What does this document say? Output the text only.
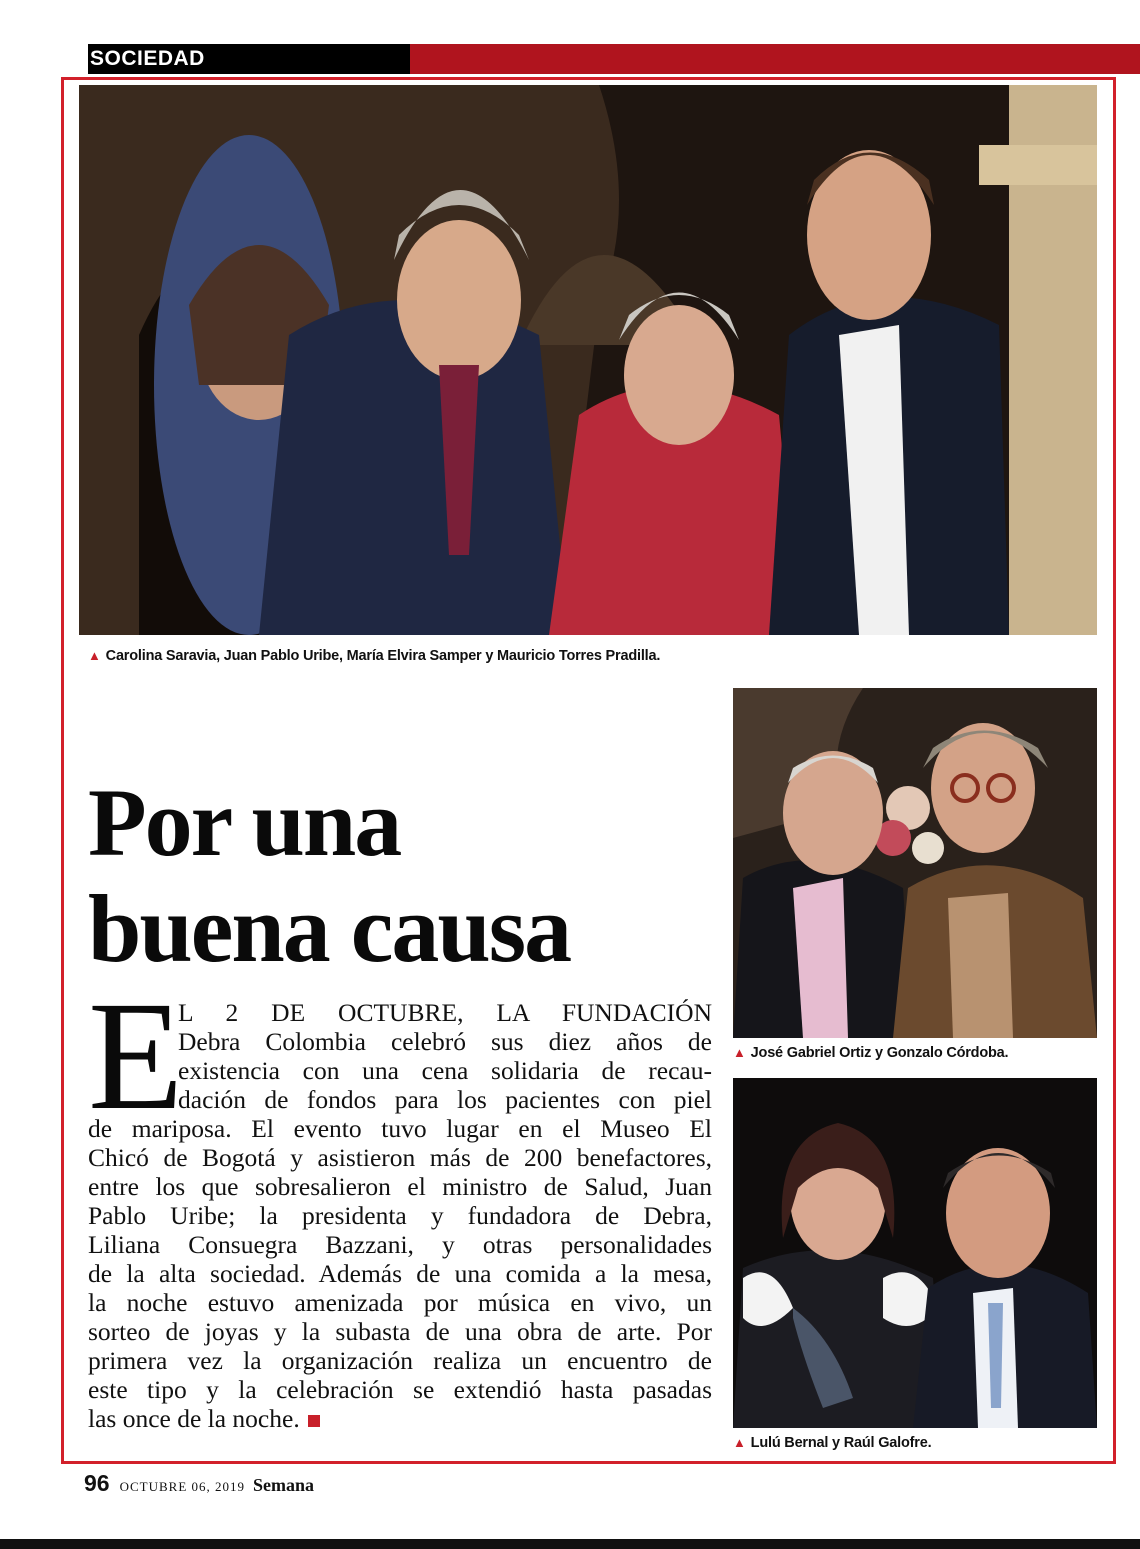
SOCIEDAD
▲ Carolina Saravia, Juan Pablo Uribe, María Elvira Samper y Mauricio Torres Pradilla.
▲ José Gabriel Ortiz y Gonzalo Córdoba.
▲ Lulú Bernal y Raúl Galofre.
Por una
buena causa
E
L 2 DE OCTUBRE, LA FUNDACIÓN
Debra Colombia celebró sus diez años de
existencia con una cena solidaria de recau-
dación de fondos para los pacientes con piel
de mariposa. El evento tuvo lugar en el Museo El
Chicó de Bogotá y asistieron más de 200 benefactores,
entre los que sobresalieron el ministro de Salud, Juan
Pablo Uribe; la presidenta y fundadora de Debra,
Liliana Consuegra Bazzani, y otras personalidades
de la alta sociedad. Además de una comida a la mesa,
la noche estuvo amenizada por música en vivo, un
sorteo de joyas y la subasta de una obra de arte. Por
primera vez la organización realiza un encuentro de
este tipo y la celebración se extendió hasta pasadas
las once de la noche.
96 OCTUBRE 06, 2019 Semana
